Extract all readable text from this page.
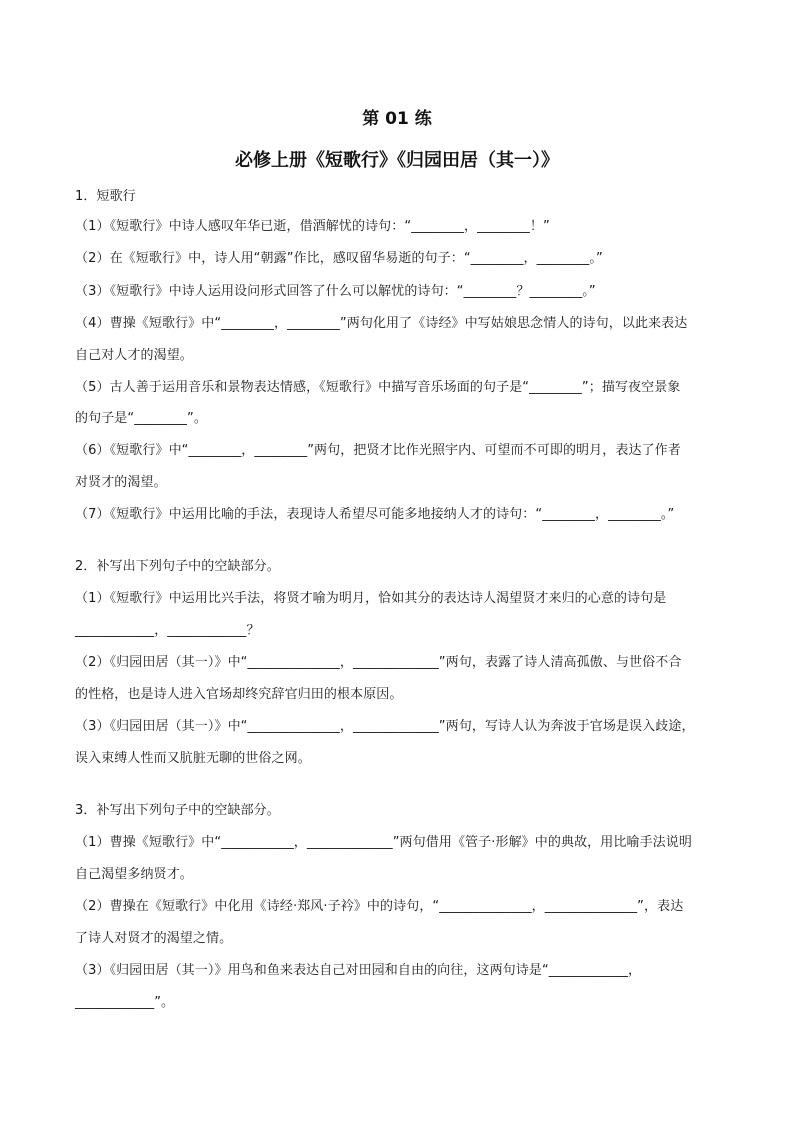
第 01 练
必修上册《短歌行》《归园田居（其一）》
1．短歌行
（1）《短歌行》中诗人感叹年华已逝，借酒解忧的诗句：“________，________！”
（2）在《短歌行》中，诗人用“朝露”作比，感叹留华易逝的句子：“________，________。”
（3）《短歌行》中诗人运用设问形式回答了什么可以解忧的诗句：“________？________。”
（4）曹操《短歌行》中“________，________”两句化用了《诗经》中写姑娘思念情人的诗句，以此来表达
自己对人才的渴望。
（5）古人善于运用音乐和景物表达情感，《短歌行》中描写音乐场面的句子是“________”；描写夜空景象
的句子是“________”。
（6）《短歌行》中“________，________”两句，把贤才比作光照宇内、可望而不可即的明月，表达了作者
对贤才的渴望。
（7）《短歌行》中运用比喻的手法，表现诗人希望尽可能多地接纳人才的诗句：“________，________。”
2．补写出下列句子中的空缺部分。
（1）《短歌行》中运用比兴手法，将贤才喻为明月，恰如其分的表达诗人渴望贤才来归的心意的诗句是
____________，____________？
（2）《归园田居（其一）》中“______________，_____________”两句，表露了诗人清高孤傲、与世俗不合
的性格，也是诗人进入官场却终究辞官归田的根本原因。
（3）《归园田居（其一）》中“______________，_____________”两句，写诗人认为奔波于官场是误入歧途，
误入束缚人性而又肮脏无聊的世俗之网。
3．补写出下列句子中的空缺部分。
（1）曹操《短歌行》中“___________，_____________”两句借用《管子·形解》中的典故，用比喻手法说明
自己渴望多纳贤才。
（2）曹操在《短歌行》中化用《诗经·郑风·子衿》中的诗句，“______________，______________”，表达
了诗人对贤才的渴望之情。
（3）《归园田居（其一）》用鸟和鱼来表达自己对田园和自由的向往，这两句诗是“____________，
____________”。
